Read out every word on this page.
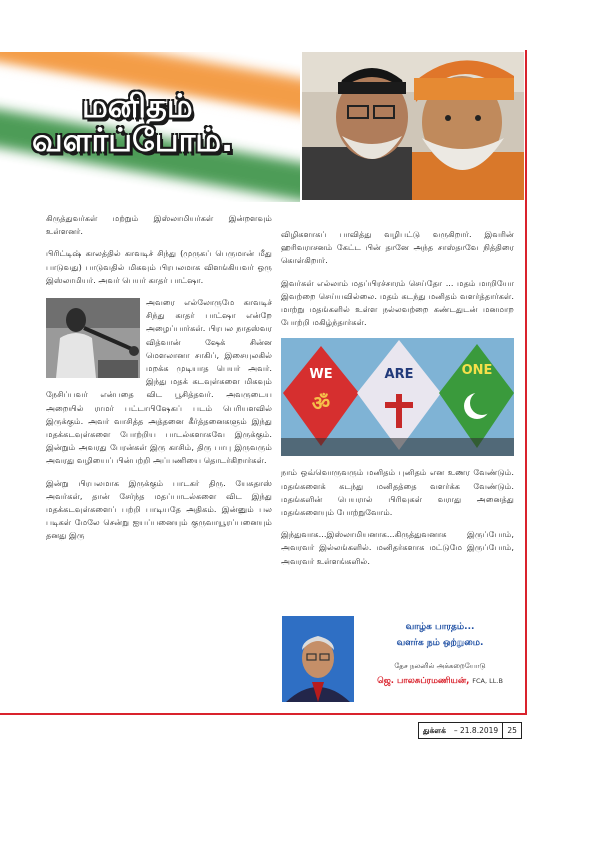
மனிதம்
வளர்ப்போம்.

கிருத்துவர்கள் மற்றும் இஸ்லாமியர்கள் இன்றளவும் உள்ளனர்.

பிரிட்டிஷ் காலத்தில் காவடிச் சிந்து (முருகப் பெருமான் மீது பாடுவது) பாடுவதில் மிகவும் பிரபலமாக விளங்கியவர் ஒரு இஸ்லாமியர். அவர் பெயர் காதர் பாட்ஷா.

அவரை எல்லோருமே காவடிச் சிந்து காதர் பாட்ஷா என்றே அழைப்பார்கள். பிரபல நாதஸ்வர வித்வான் ஷேக் சின்ன மௌலானா சாகிப், இசையுலகில் மறக்க முடியாத பெயர் அவர். இந்து மதக் கடவுள்களை மிகவும் நேசிப்பவர் என்பதை விட பூசித்தவர். அவருடைய அறையில் ராமர் பட்டாபிஷேகப் படம் பெரியளவில் இருக்கும். அவர் வாசித்த அத்தனை கீர்த்தனைகளும் இந்து மதக்கடவுள்களை போற்றிய பாடல்களாகவே இருக்கும். இன்றும் அவரது பேரன்கள் இரு காசிம், திரு பாபு இருவரும் அவரது வழியைப் பின்பற்றி அப்பணியை தொடர்கிறார்கள்.

இன்று பிரபலமாக இருக்கும் பாடகர் திரு. யேசுதாஸ் அவர்கள், தான் சேர்ந்த மதப்பாடல்களை விட இந்து மதக்கடவுள்களைப் பற்றி பாடியதே அதிகம். இன்னும் பல படிகள் மேலே சென்று ஐயப்பனையும் குருவாயூரப்பனையும் தனது இரு

விழிகளாகப் பாவித்து வழிபட்டு வருகிறார். இவரின் ஹரிவராசனம் கேட்ட பின் தானே அந்த சாஸ்தாவே நித்திரை கொள்கிறார்.

இவர்கள் எல்லாம் மதப்பிரச்சாரம் செய்தோ ... மதம் மாறியோ இவற்றை செய்யவில்லை. மதம் கடந்து மனிதம் வளர்த்தார்கள். மாற்று மதங்களில் உள்ள நல்லவற்றை கண்டதுடன் மனமாற போற்றி மகிழ்ந்தார்கள்.

WE	ARE	ONE
ॐ

நாம் ஒவ்வொருவரும் மனிதம் புனிதம் என உணர வேண்டும். மதங்களைக் கடந்து மனிதத்தை வளர்க்க வேண்டும். மதங்களின் பெயரால் பிரிவுகள் வராது அனைத்து மதங்களையும் போற்றுவோம்.

இந்துவாக...இஸ்லாமியனாக...கிருத்துவனாக இருப்போம், அவரவர் இல்லங்களில். மனிதர்களாக மட்டுமே இருப்போம், அவரவர் உள்ளங்களில்.

வாழ்க பாரதம்...
வளர்க நம் ஒற்றுமை.
தேச நலனில் அக்கறையோடு
ஜெ. பாலசுப்ரமணியன், FCA, LL.B
துக்ளக்	– 21.8.2019	25
